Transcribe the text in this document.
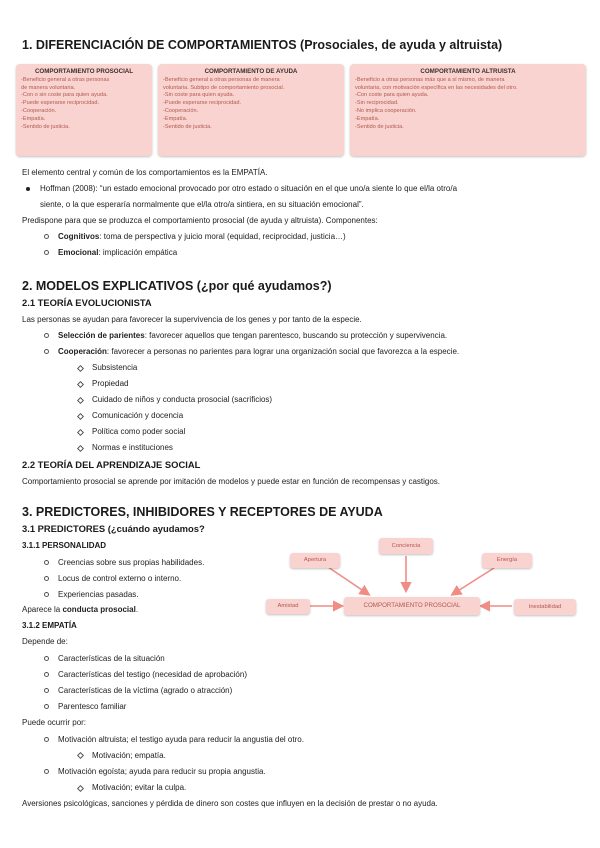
1. DIFERENCIACIÓN DE COMPORTAMIENTOS (Prosociales, de ayuda y altruista)
COMPORTAMIENTO PROSOCIAL
-Beneficio general a otras personas
de manera voluntaria.
-Con o sin coste para quien ayuda.
-Puede esperarse reciprocidad.
-Cooperación.
-Empatía.
-Sentido de justicia.
COMPORTAMIENTO DE AYUDA
-Beneficio general a otras personas de manera
voluntaria. Subtipo de comportamiento prosocial.
-Sin coste para quien ayuda.
-Puede esperarse reciprocidad.
-Cooperación.
-Empatía.
-Sentido de justicia.
COMPORTAMIENTO ALTRUISTA
-Beneficio a otras personas más que a sí mismo, de manera
voluntaria, con motivación específica en las necesidades del otro.
-Con coste para quien ayuda.
-Sin reciprocidad.
-No implica cooperación.
-Empatía.
-Sentido de justicia.
El elemento central y común de los comportamientos es la EMPATÍA.
Hoffman (2008): “un estado emocional provocado por otro estado o situación en el que uno/a siente lo que el/la otro/a
siente, o la que esperaría normalmente que el/la otro/a sintiera, en su situación emocional”.
Predispone para que se produzca el comportamiento prosocial (de ayuda y altruista). Componentes:
Cognitivos: toma de perspectiva y juicio moral (equidad, reciprocidad, justicia…)
Emocional: implicación empática
2. MODELOS EXPLICATIVOS (¿por qué ayudamos?)
2.1 TEORÍA EVOLUCIONISTA
Las personas se ayudan para favorecer la supervivencia de los genes y por tanto de la especie.
Selección de parientes: favorecer aquellos que tengan parentesco, buscando su protección y supervivencia.
Cooperación: favorecer a personas no parientes para lograr una organización social que favorezca a la especie.
Subsistencia
Propiedad
Cuidado de niños y conducta prosocial (sacrificios)
Comunicación y docencia
Política como poder social
Normas e instituciones
2.2 TEORÍA DEL APRENDIZAJE SOCIAL
Comportamiento prosocial se aprende por imitación de modelos y puede estar en función de recompensas y castigos.
3. PREDICTORES, INHIBIDORES Y RECEPTORES DE AYUDA
3.1 PREDICTORES (¿cuándo ayudamos?
3.1.1 PERSONALIDAD
Creencias sobre sus propias habilidades.
Locus de control externo o interno.
Experiencias pasadas.
Aparece la conducta prosocial.
3.1.2 EMPATÍA
Depende de:
Características de la situación
Características del testigo (necesidad de aprobación)
Características de la víctima (agrado o atracción)
Parentesco familiar
Puede ocurrir por:
Motivación altruista; el testigo ayuda para reducir la angustia del otro.
Motivación; empatía.
Motivación egoísta; ayuda para reducir su propia angustia.
Motivación; evitar la culpa.
Aversiones psicológicas, sanciones y pérdida de dinero son costes que influyen en la decisión de prestar o no ayuda.
Conciencia
Apertura	Energía
Amistad	COMPORTAMIENTO PROSOCIAL	Inestabilidad
